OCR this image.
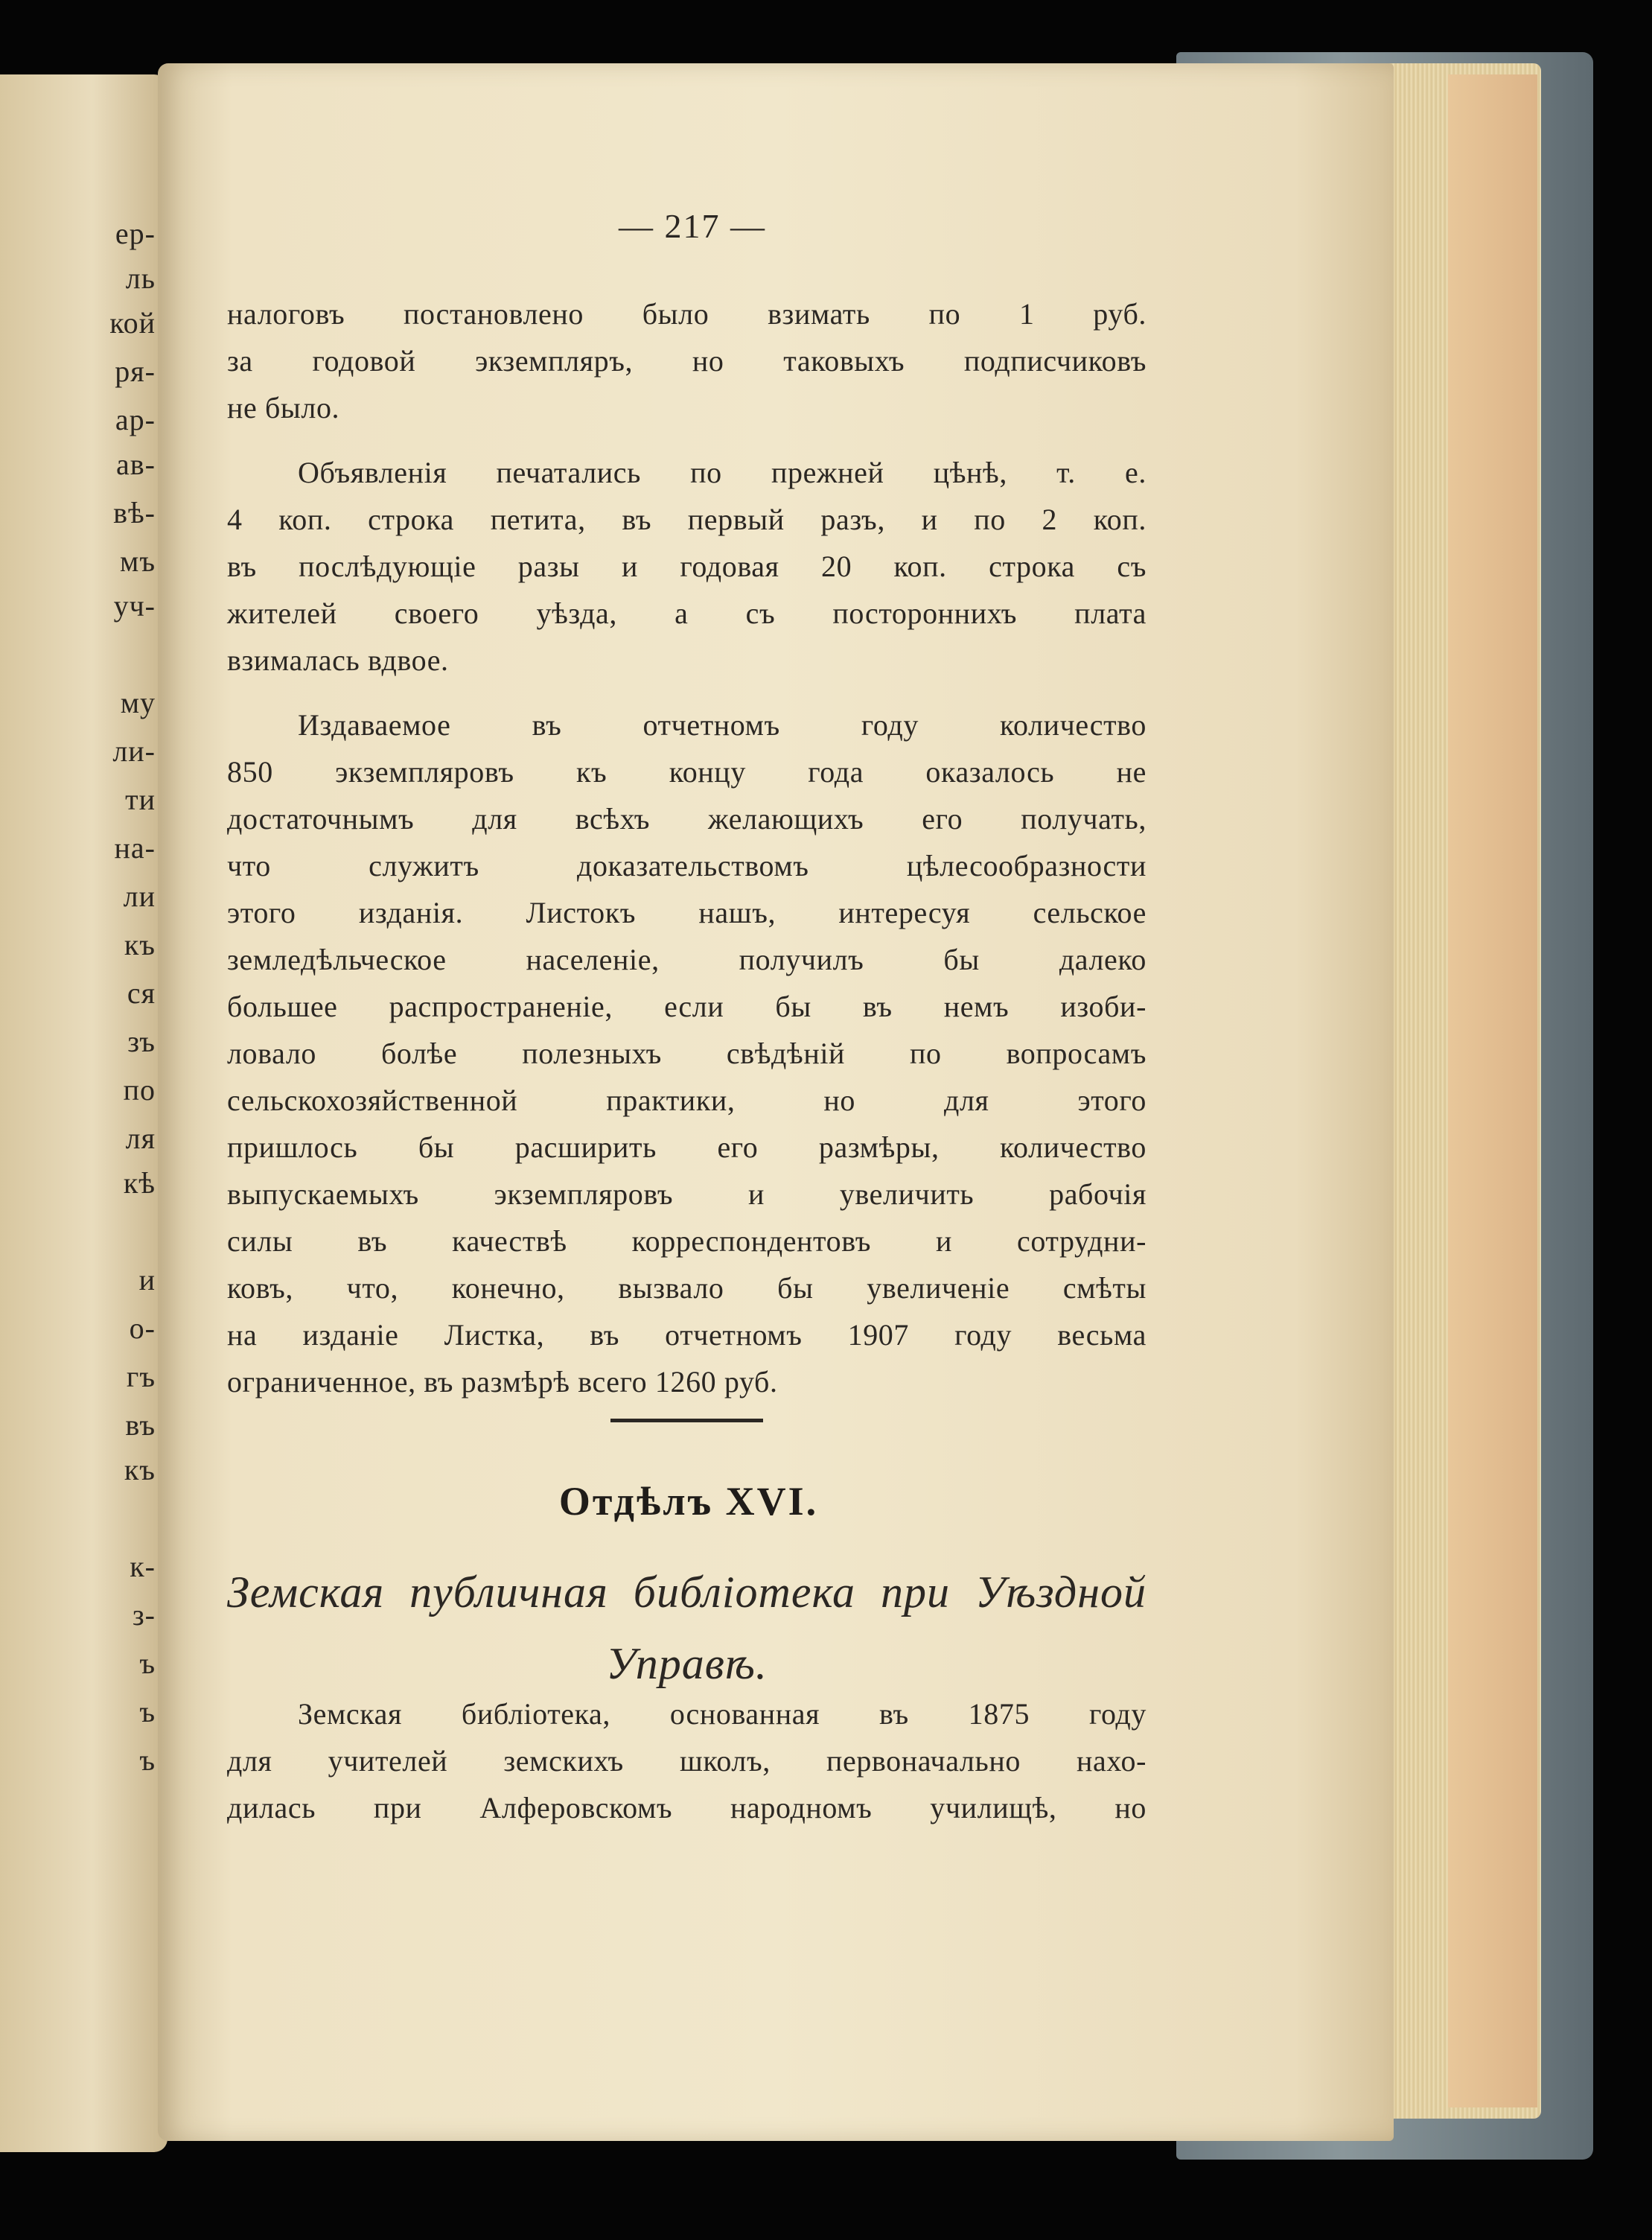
ер-
ль
кой
ря-
ар-
ав-
вѣ-
мъ
уч-
му
ли-
ти
на-
ли
къ
ся
зъ
по
ля
кѣ
и
о-
гъ
въ
къ
к-
з-
ъ
ъ
ъ
— 217 —
налоговъ постановлено было взимать по 1 руб.
за годовой экземпляръ, но таковыхъ подписчиковъ
не было.
Объявленія печатались по прежней цѣнѣ, т. е.
4 коп. строка петита, въ первый разъ, и по 2 коп.
въ послѣдующіе разы и годовая 20 коп. строка съ
жителей своего уѣзда, а съ постороннихъ плата
взималась вдвое.
Издаваемое въ отчетномъ году количество
850 экземпляровъ къ концу года оказалось не
достаточнымъ для всѣхъ желающихъ его получать,
что служитъ доказательствомъ цѣлесообразности
этого изданія. Листокъ нашъ, интересуя сельское
земледѣльческое населеніе, получилъ бы далеко
большее распространеніе, если бы въ немъ изоби-
ловало болѣе полезныхъ свѣдѣній по вопросамъ
сельскохозяйственной практики, но для этого
пришлось бы расширить его размѣры, количество
выпускаемыхъ экземпляровъ и увеличить рабочія
силы въ качествѣ корреспондентовъ и сотрудни-
ковъ, что, конечно, вызвало бы увеличеніе смѣты
на изданіе Листка, въ отчетномъ 1907 году весьма
ограниченное, въ размѣрѣ всего 1260 руб.
Отдѣлъ XVI.
Земская публичная библіотека при Уѣздной
Управѣ.
Земская библіотека, основанная въ 1875 году
для учителей земскихъ школъ, первоначально нахо-
дилась при Алферовскомъ народномъ училищѣ, но
